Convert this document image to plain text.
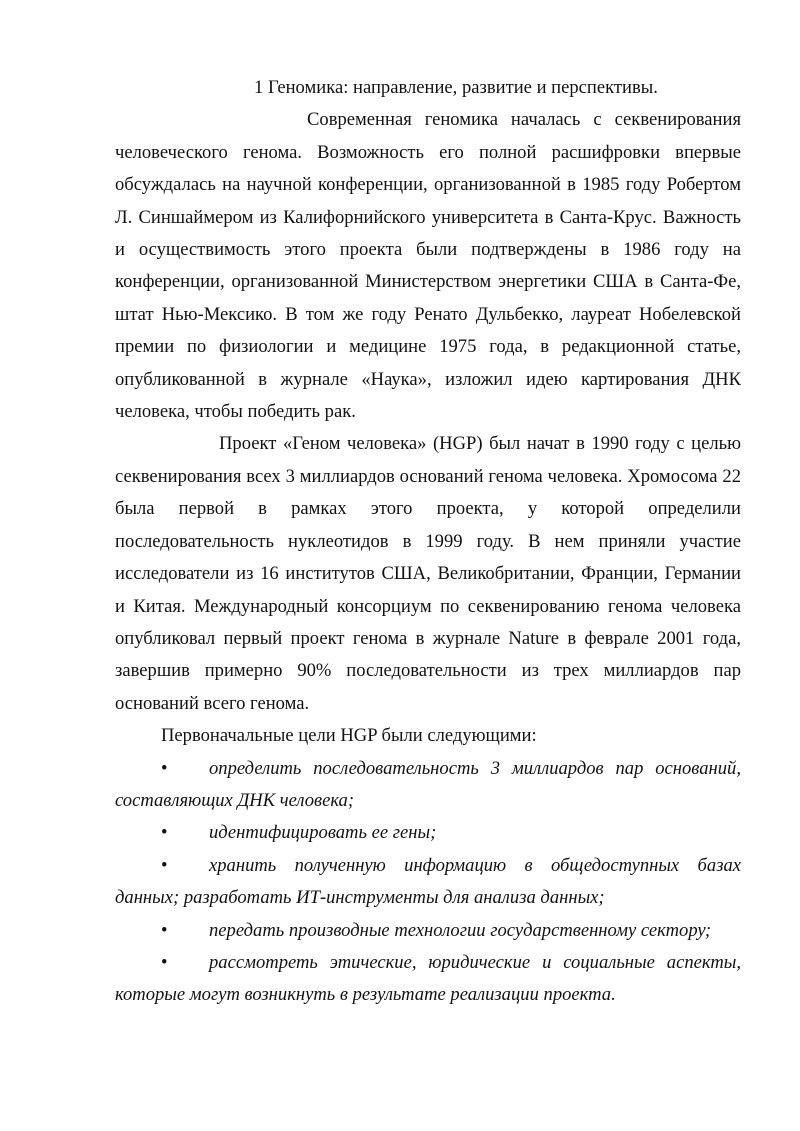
1 Геномика: направление, развитие и перспективы.

Современная геномика началась с секвенирования человеческого генома. Возможность его полной расшифровки впервые обсуждалась на научной конференции, организованной в 1985 году Робертом Л. Синшаймером из Калифорнийского университета в Санта-Крус. Важность и осуществимость этого проекта были подтверждены в 1986 году на конференции, организованной Министерством энергетики США в Санта-Фе, штат Нью-Мексико. В том же году Ренато Дульбекко, лауреат Нобелевской премии по физиологии и медицине 1975 года, в редакционной статье, опубликованной в журнале «Наука», изложил идею картирования ДНК человека, чтобы победить рак.

Проект «Геном человека» (HGP) был начат в 1990 году с целью секвенирования всех 3 миллиардов оснований генома человека. Хромосома 22 была первой в рамках этого проекта, у которой определили последовательность нуклеотидов в 1999 году. В нем приняли участие исследователи из 16 институтов США, Великобритании, Франции, Германии и Китая. Международный консорциум по секвенированию генома человека опубликовал первый проект генома в журнале Nature в феврале 2001 года, завершив примерно 90% последовательности из трех миллиардов пар оснований всего генома.

Первоначальные цели HGP были следующими:

• определить последовательность 3 миллиардов пар оснований, составляющих ДНК человека;
• идентифицировать ее гены;
• хранить полученную информацию в общедоступных базах данных; разработать ИТ-инструменты для анализа данных;
• передать производные технологии государственному сектору;
• рассмотреть этические, юридические и социальные аспекты, которые могут возникнуть в результате реализации проекта.
